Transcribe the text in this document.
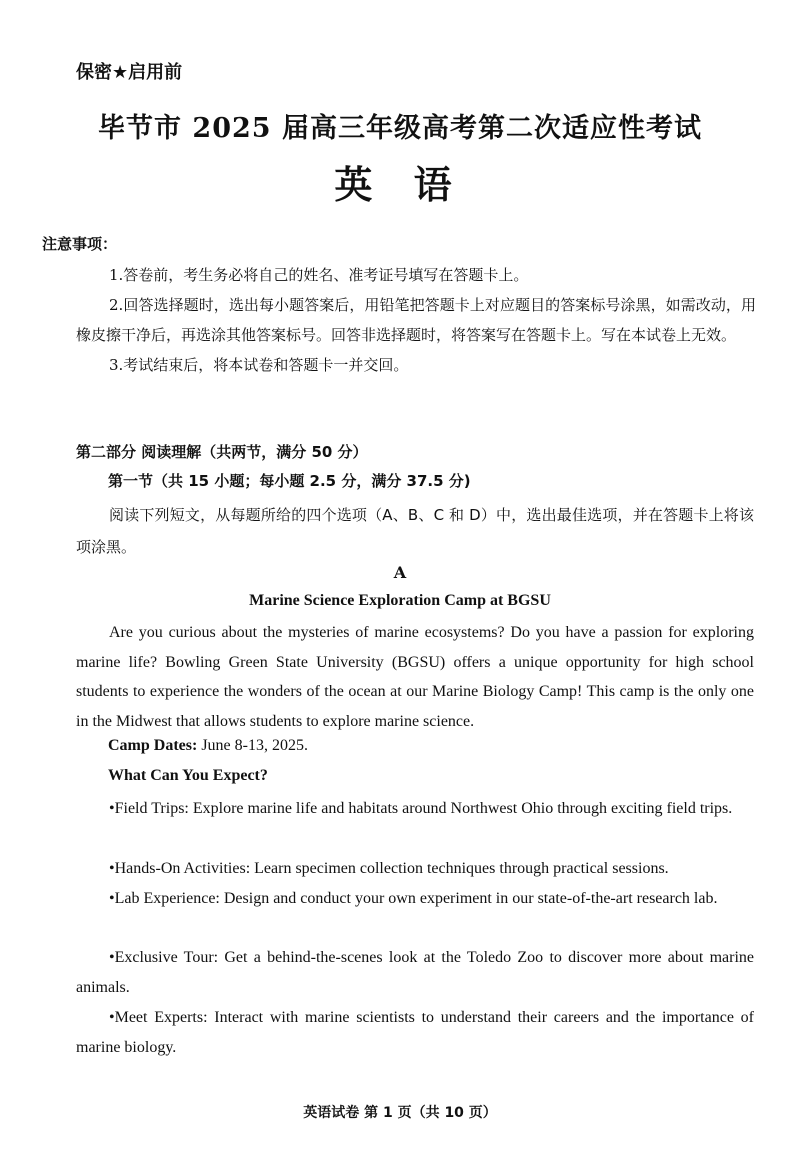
保密★启用前
毕节市 2025 届高三年级高考第二次适应性考试
英 语
注意事项：

1.答卷前，考生务必将自己的姓名、准考证号填写在答题卡上。

2.回答选择题时，选出每小题答案后，用铅笔把答题卡上对应题目的答案标号涂黑，如需改动，用橡皮擦干净后，再选涂其他答案标号。回答非选择题时，将答案写在答题卡上。写在本试卷上无效。

3.考试结束后，将本试卷和答题卡一并交回。

第二部分 阅读理解（共两节，满分 50 分）
第一节（共 15 小题；每小题 2.5 分，满分 37.5 分)
阅读下列短文，从每题所给的四个选项（A、B、C 和 D）中，选出最佳选项，并在答题卡上将该项涂黑。
A
Marine Science Exploration Camp at BGSU
Are you curious about the mysteries of marine ecosystems? Do you have a passion for exploring marine life? Bowling Green State University (BGSU) offers a unique opportunity for high school students to experience the wonders of the ocean at our Marine Biology Camp! This camp is the only one in the Midwest that allows students to explore marine science.
Camp Dates: June 8-13, 2025.
What Can You Expect?
•Field Trips: Explore marine life and habitats around Northwest Ohio through exciting field trips.
•Hands-On Activities: Learn specimen collection techniques through practical sessions.
•Lab Experience: Design and conduct your own experiment in our state-of-the-art research lab.
•Exclusive Tour: Get a behind-the-scenes look at the Toledo Zoo to discover more about marine animals.
•Meet Experts: Interact with marine scientists to understand their careers and the importance of marine biology.
英语试卷 第 1 页（共 10 页）
